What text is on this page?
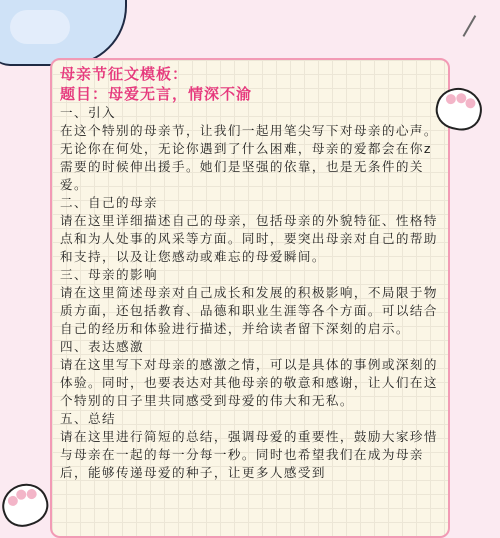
母亲节征文模板：
题目：母爱无言，情深不渝
一、引入
在这个特别的母亲节，让我们一起用笔尖写下对母亲的心声。无论你在何处，无论你遇到了什么困难，母亲的爱都会在你z需要的时候伸出援手。她们是坚强的依靠，也是无条件的关爱。
二、自己的母亲
请在这里详细描述自己的母亲，包括母亲的外貌特征、性格特点和为人处事的风采等方面。同时，要突出母亲对自己的帮助和支持，以及让您感动或难忘的母爱瞬间。
三、母亲的影响
请在这里简述母亲对自己成长和发展的积极影响，不局限于物质方面，还包括教育、品德和职业生涯等各个方面。可以结合自己的经历和体验进行描述，并给读者留下深刻的启示。
四、表达感激
请在这里写下对母亲的感激之情，可以是具体的事例或深刻的体验。同时，也要表达对其他母亲的敬意和感谢，让人们在这个特别的日子里共同感受到母爱的伟大和无私。
五、总结
请在这里进行简短的总结，强调母爱的重要性，鼓励大家珍惜与母亲在一起的每一分每一秒。同时也希望我们在成为母亲后，能够传递母爱的种子，让更多人感受到
